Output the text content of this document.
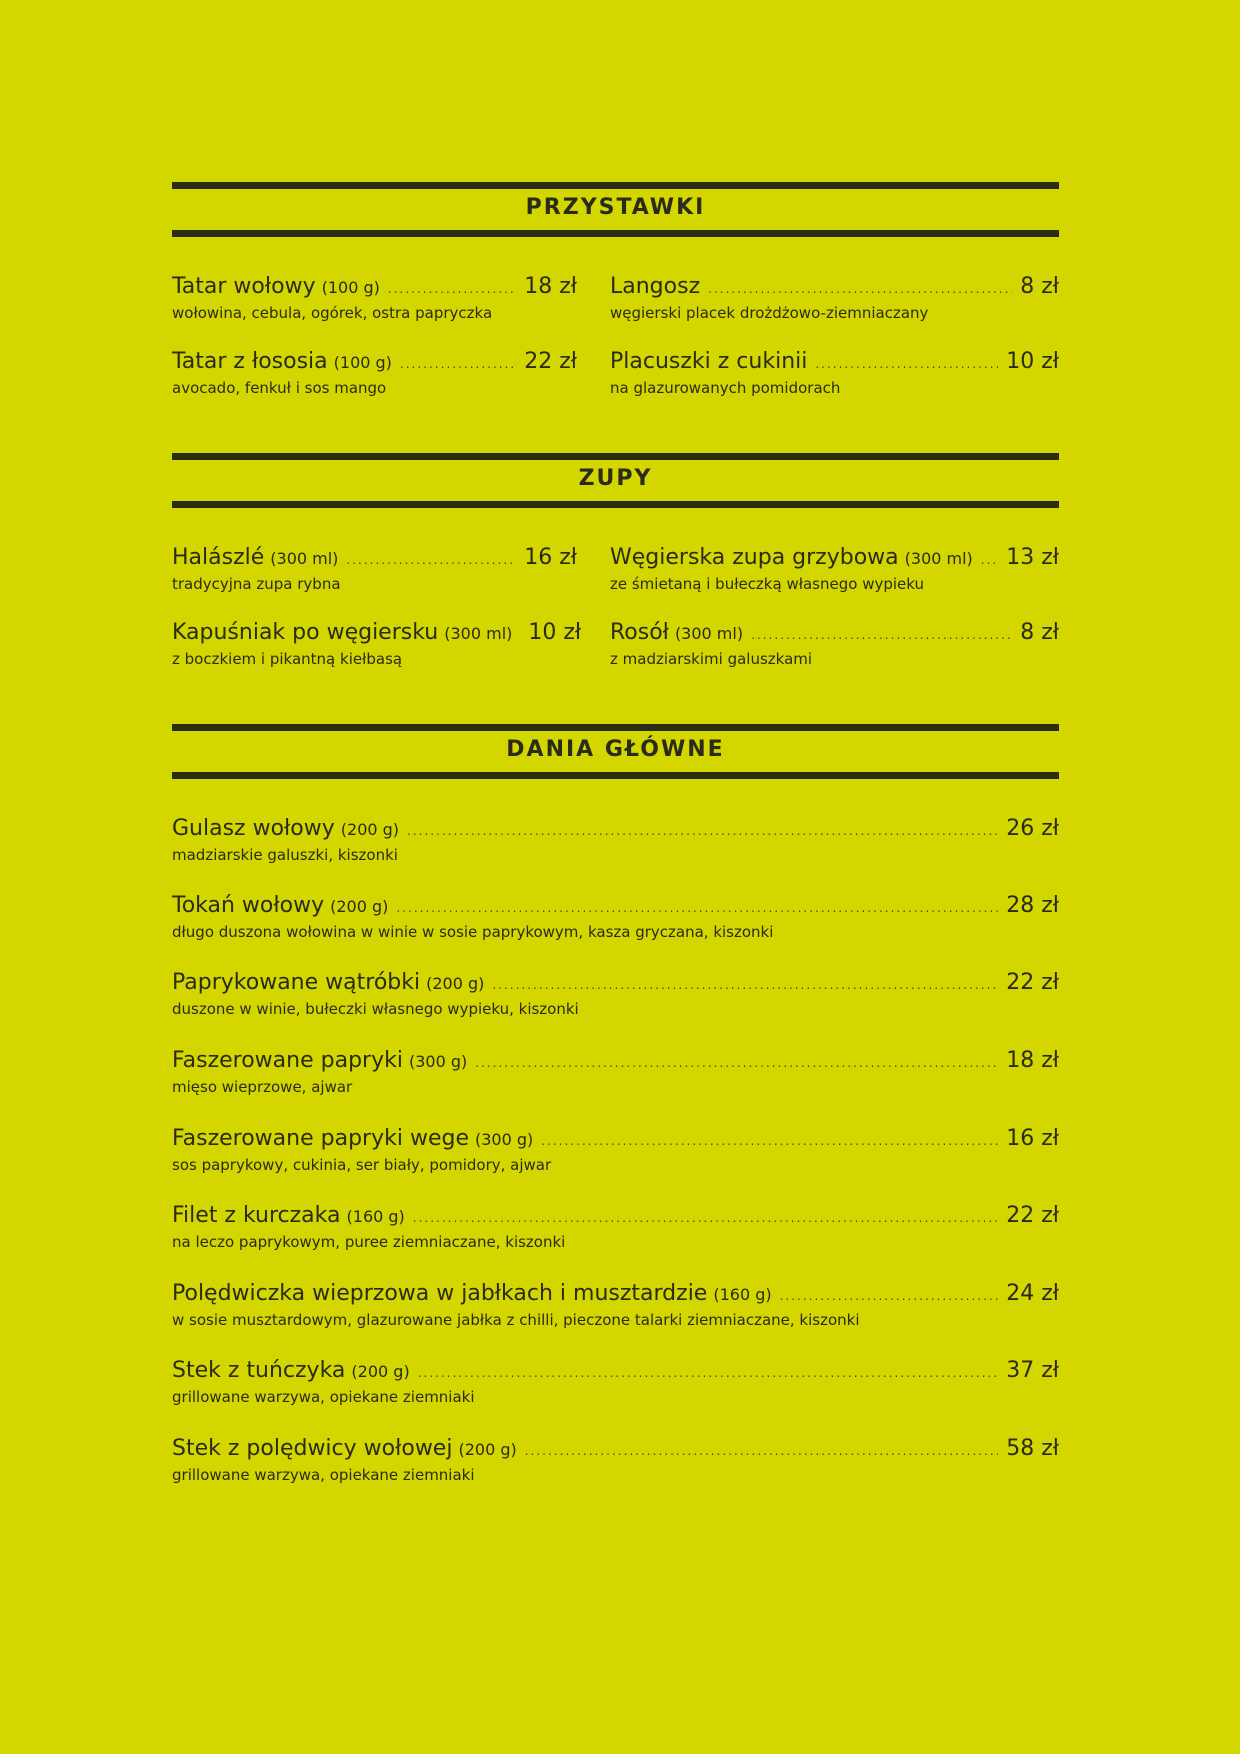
PRZYSTAWKI
Tatar wołowy (100 g) .....	18 zł
wołowina, cebula, ogórek, ostra papryczka
Langosz .....	8 zł
węgierski placek drożdżowo-ziemniaczany
Tatar z łososia (100 g) .....	22 zł
avocado, fenkuł i sos mango
Placuszki z cukinii .....	10 zł
na glazurowanych pomidorach
ZUPY
Halászlé (300 ml) .....	16 zł
tradycyjna zupa rybna
Węgierska zupa grzybowa (300 ml) ..... 13 zł
ze śmietaną i bułeczką własnego wypieku
Kapuśniak po węgiersku (300 ml) 10 zł
z boczkiem i pikantną kiełbasą
Rosół (300 ml) .....	8 zł
z madziarskimi galuszkami
DANIA GŁÓWNE
Gulasz wołowy (200 g) .....	26 zł
madziarskie galuszki, kiszonki
Tokań wołowy (200 g) .....	28 zł
długo duszona wołowina w winie w sosie paprykowym, kasza gryczana, kiszonki
Paprykowane wątróbki (200 g) .....	22 zł
duszone w winie, bułeczki własnego wypieku, kiszonki
Faszerowane papryki (300 g) .....	18 zł
mięso wieprzowe, ajwar
Faszerowane papryki wege (300 g) .....	16 zł
sos paprykowy, cukinia, ser biały, pomidory, ajwar
Filet z kurczaka (160 g) .....	22 zł
na leczo paprykowym, puree ziemniaczane, kiszonki
Polędwiczka wieprzowa w jabłkach i musztardzie (160 g) .....	24 zł
w sosie musztardowym, glazurowane jabłka z chilli, pieczone talarki ziemniaczane, kiszonki
Stek z tuńczyka (200 g) .....	37 zł
grillowane warzywa, opiekane ziemniaki
Stek z polędwicy wołowej (200 g) .....	58 zł
grillowane warzywa, opiekane ziemniaki
